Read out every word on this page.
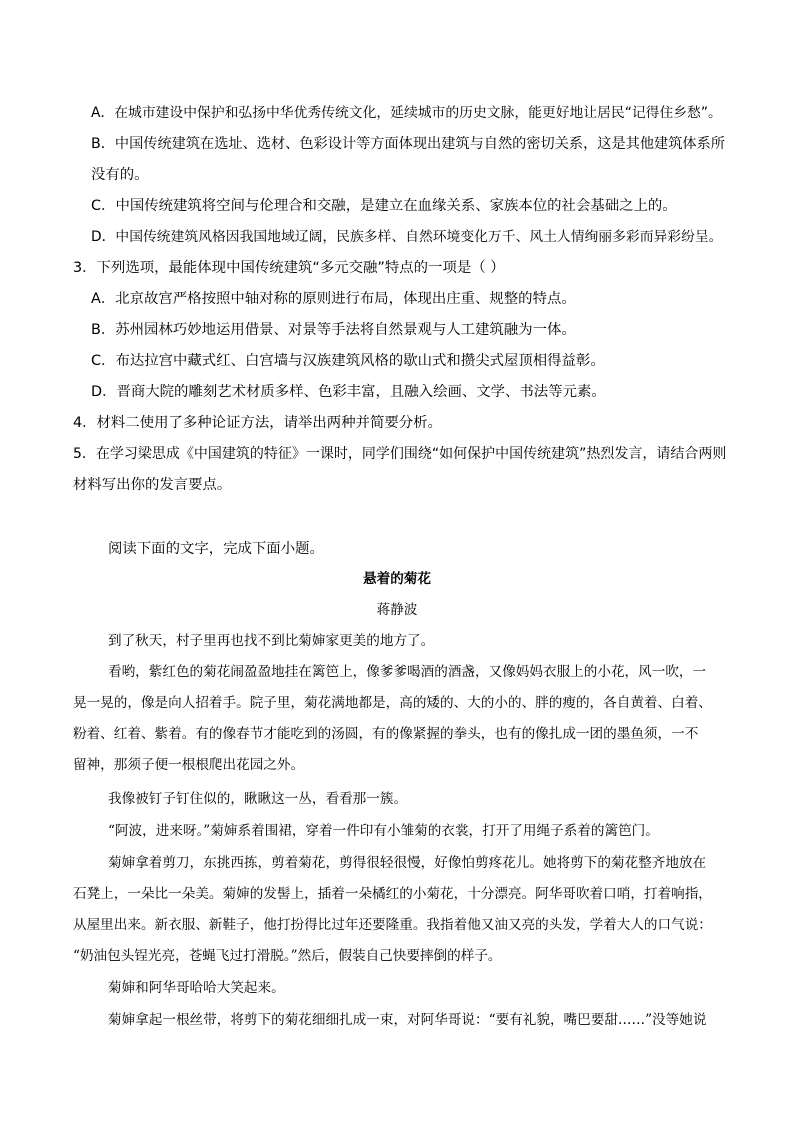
A．在城市建设中保护和弘扬中华优秀传统文化，延续城市的历史文脉，能更好地让居民“记得住乡愁”。
B．中国传统建筑在选址、选材、色彩设计等方面体现出建筑与自然的密切关系，这是其他建筑体系所
没有的。
C．中国传统建筑将空间与伦理合和交融，是建立在血缘关系、家族本位的社会基础之上的。
D．中国传统建筑风格因我国地域辽阔，民族多样、自然环境变化万千、风土人情绚丽多彩而异彩纷呈。
3．下列选项，最能体现中国传统建筑“多元交融”特点的一项是（ ）
A．北京故宫严格按照中轴对称的原则进行布局，体现出庄重、规整的特点。
B．苏州园林巧妙地运用借景、对景等手法将自然景观与人工建筑融为一体。
C．布达拉宫中藏式红、白宫墙与汉族建筑风格的歇山式和攒尖式屋顶相得益彰。
D．晋商大院的雕刻艺术材质多样、色彩丰富，且融入绘画、文学、书法等元素。
4．材料二使用了多种论证方法，请举出两种并简要分析。
5．在学习梁思成《中国建筑的特征》一课时，同学们围绕“如何保护中国传统建筑”热烈发言，请结合两则
材料写出你的发言要点。
阅读下面的文字，完成下面小题。
悬着的菊花
蒋静波
到了秋天，村子里再也找不到比菊婶家更美的地方了。
看哟，紫红色的菊花闹盈盈地挂在篱笆上，像爹爹喝酒的酒盏，又像妈妈衣服上的小花，风一吹，一
晃一晃的，像是向人招着手。院子里，菊花满地都是，高的矮的、大的小的、胖的瘦的，各自黄着、白着、
粉着、红着、紫着。有的像春节才能吃到的汤圆，有的像紧握的拳头，也有的像扎成一团的墨鱼须，一不
留神，那须子便一根根爬出花园之外。
我像被钉子钉住似的，瞅瞅这一丛，看看那一簇。
“阿波，进来呀。”菊婶系着围裙，穿着一件印有小雏菊的衣裳，打开了用绳子系着的篱笆门。
菊婶拿着剪刀，东挑西拣，剪着菊花，剪得很轻很慢，好像怕剪疼花儿。她将剪下的菊花整齐地放在
石凳上，一朵比一朵美。菊婶的发髻上，插着一朵橘红的小菊花，十分漂亮。阿华哥吹着口哨，打着响指，
从屋里出来。新衣服、新鞋子，他打扮得比过年还要隆重。我指着他又油又亮的头发，学着大人的口气说：
“奶油包头锃光亮，苍蝇飞过打滑脱。”然后，假装自己快要摔倒的样子。
菊婶和阿华哥哈哈大笑起来。
菊婶拿起一根丝带，将剪下的菊花细细扎成一束，对阿华哥说：“要有礼貌，嘴巴要甜……”没等她说
